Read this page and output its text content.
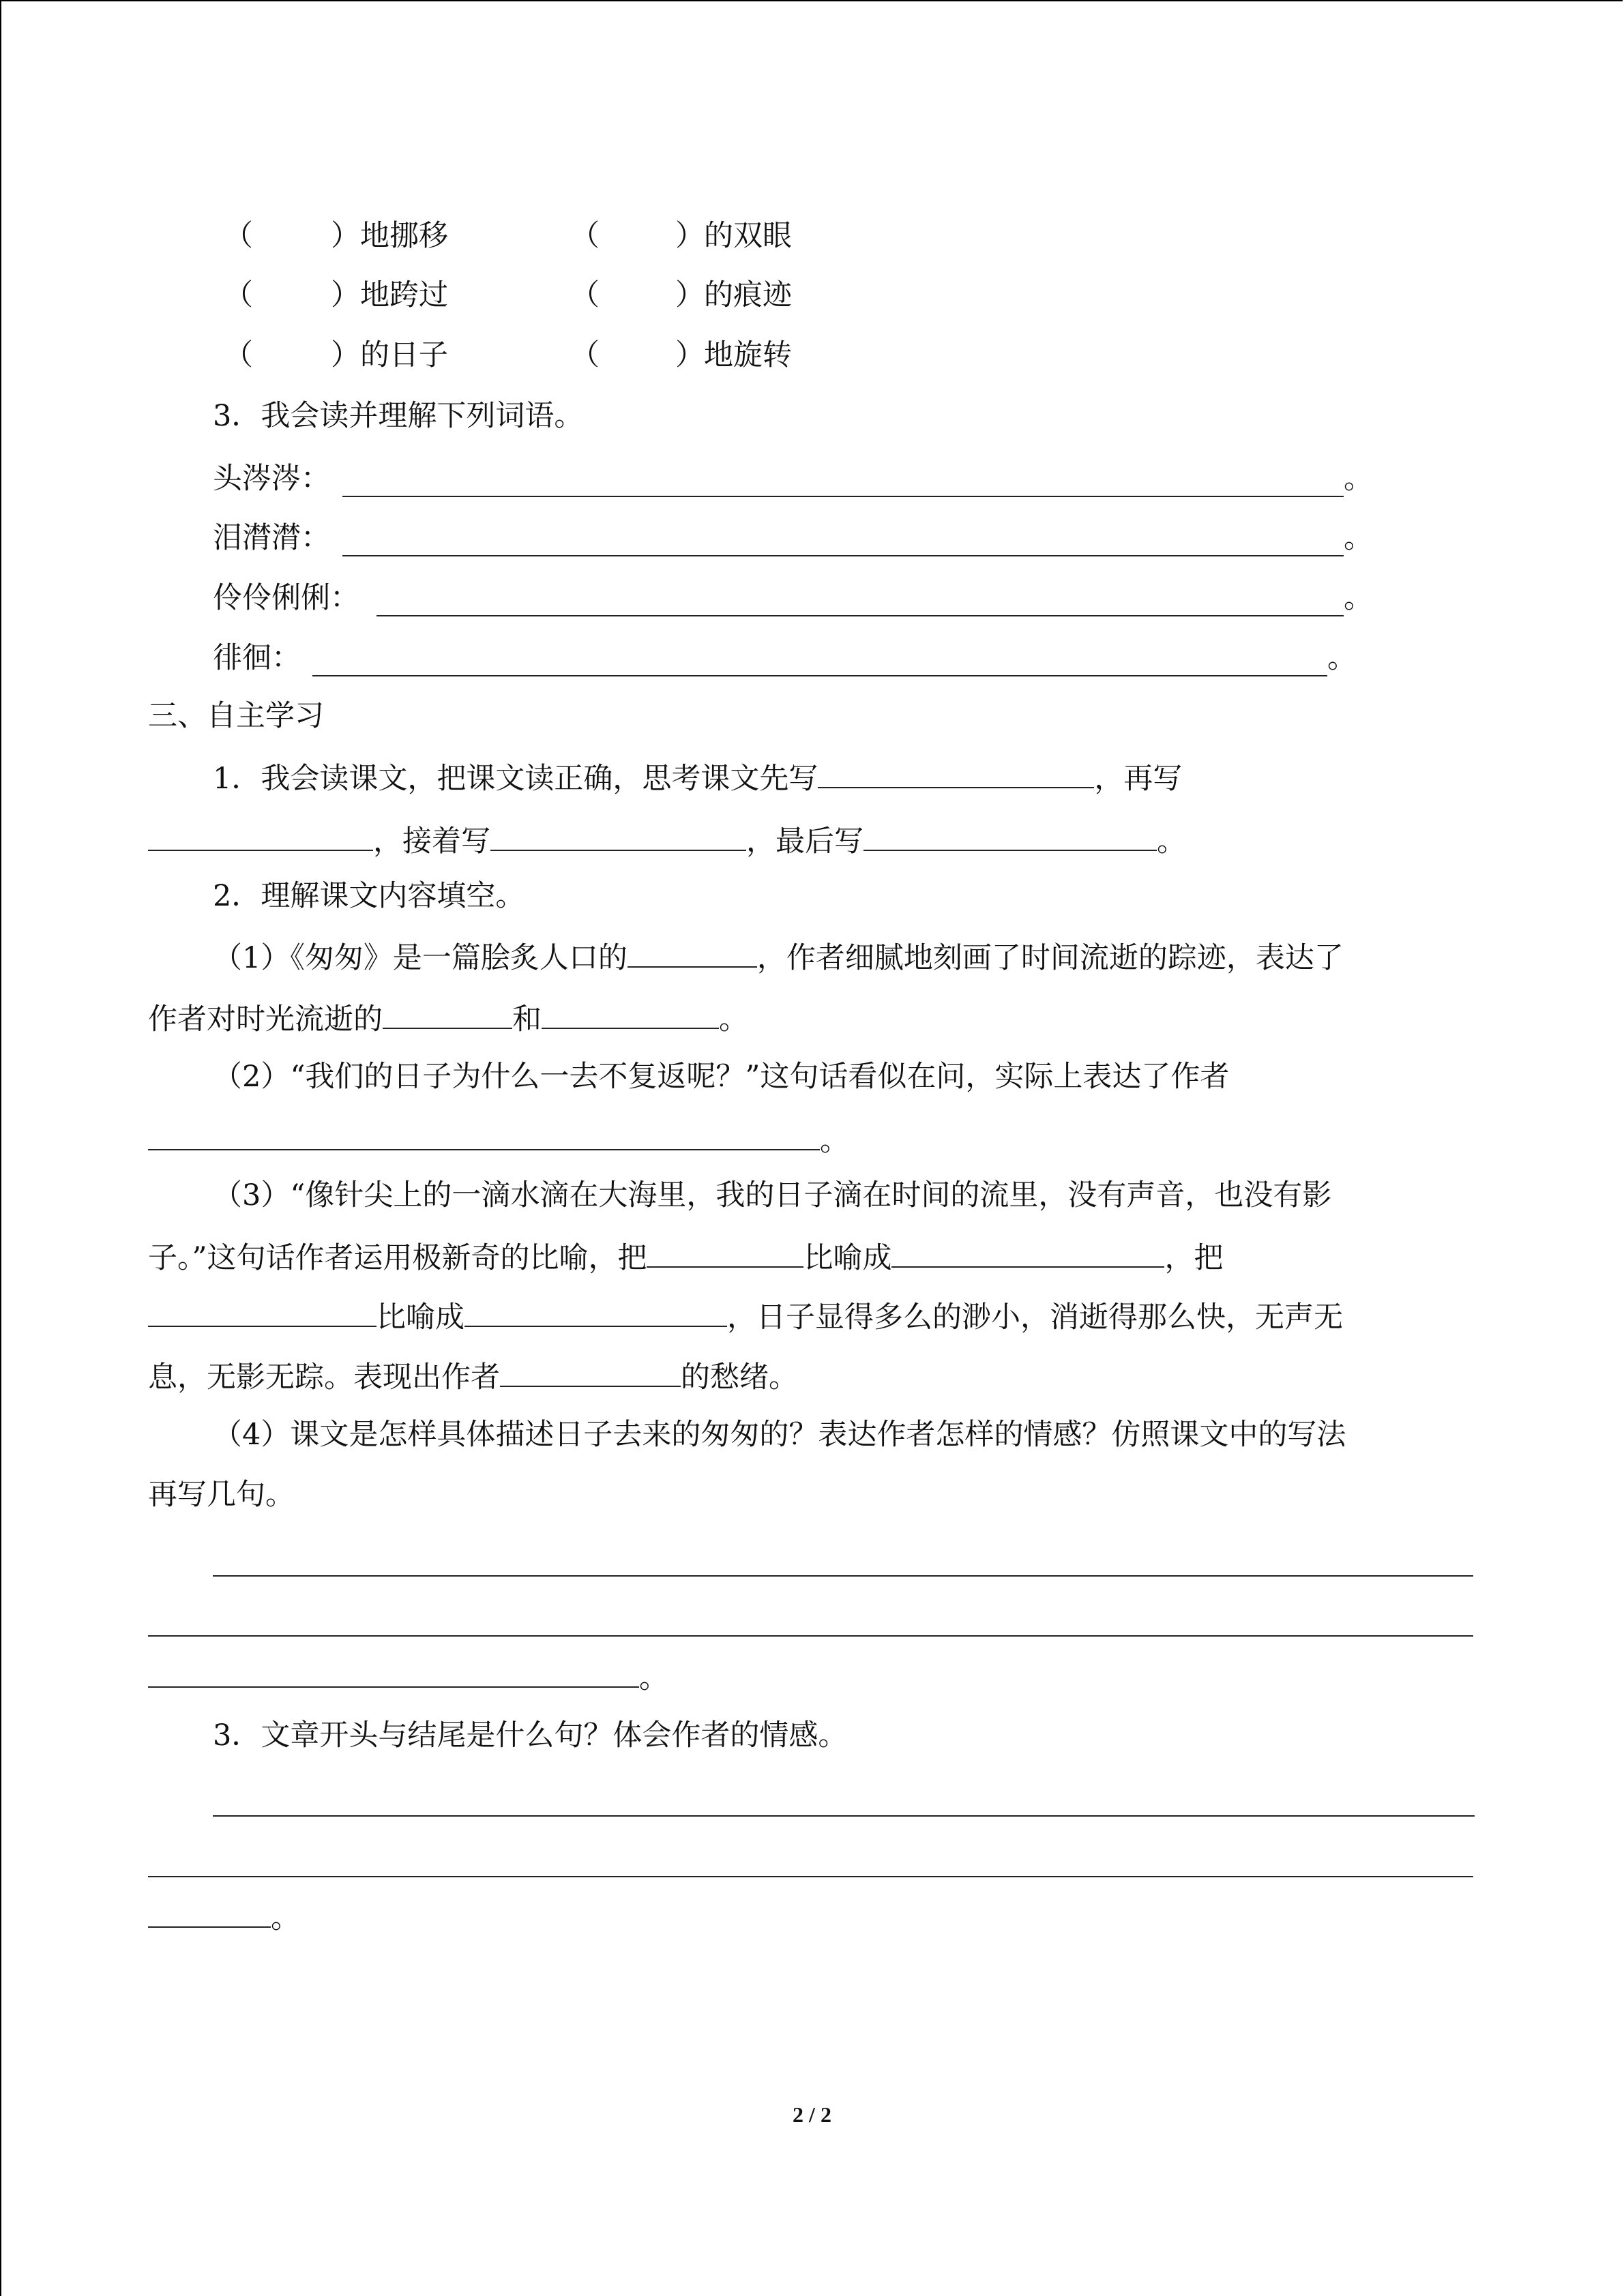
（	） 地挪移	（	） 的双眼
（	） 地跨过	（	） 的痕迹
（	） 的日子	（	） 地旋转
3．我会读并理解下列词语。
头涔涔：	。
泪潸潸：	。
伶伶俐俐：	。
徘徊：	。
三、自主学习
1．我会读课文，把课文读正确，思考课文先写	，再写
，接着写	，最后写	。
2．理解课文内容填空。
（1）《匆匆》是一篇脍炙人口的	，作者细腻地刻画了时间流逝的踪迹，表达了
作者对时光流逝的	和	。
（2）“我们的日子为什么一去不复返呢？”这句话看似在问，实际上表达了作者
。
（3）“像针尖上的一滴水滴在大海里，我的日子滴在时间的流里，没有声音，也没有影
子。”这句话作者运用极新奇的比喻，把	比喻成	，把
比喻成	，日子显得多么的渺小，消逝得那么快，无声无
息，无影无踪。表现出作者	的愁绪。
（4）课文是怎样具体描述日子去来的匆匆的？表达作者怎样的情感？仿照课文中的写法
再写几句。
。
3．文章开头与结尾是什么句？体会作者的情感。
。
2 / 2
